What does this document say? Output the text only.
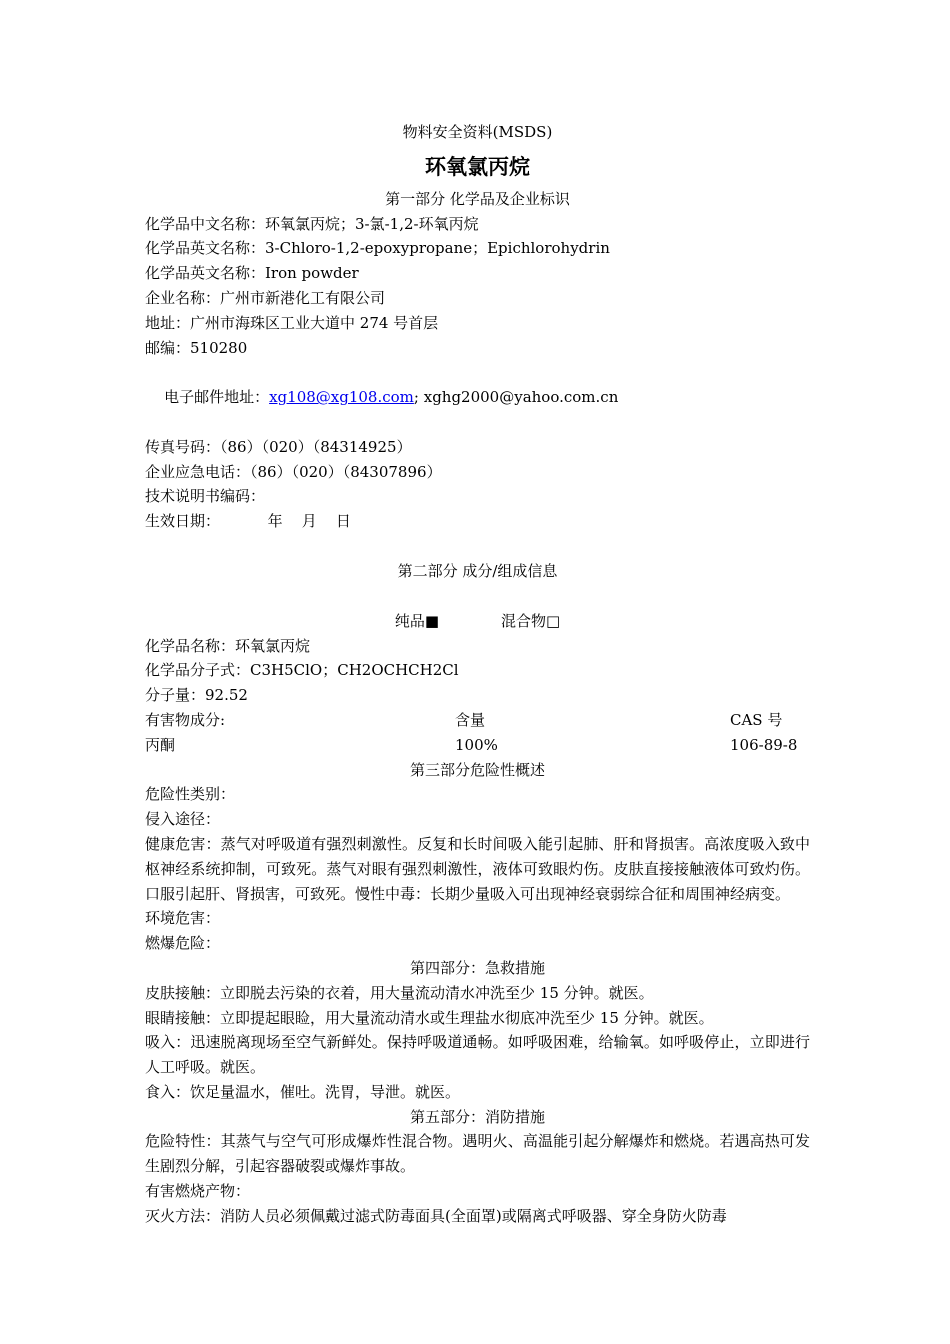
物料安全资料(MSDS)
环氧氯丙烷
第一部分 化学品及企业标识
化学品中文名称：环氧氯丙烷；3-氯-1,2-环氧丙烷
化学品英文名称：3-Chloro-1,2-epoxypropane；Epichlorohydrin
化学品英文名称：Iron powder
企业名称：广州市新港化工有限公司
地址：广州市海珠区工业大道中 274 号首层
邮编：510280

电子邮件地址：xg108@xg108.com; xghg2000@yahoo.com.cn

传真号码：（86）（020）（84314925）
企业应急电话：（86）（020）（84307896）
技术说明书编码：
生效日期：          年    月    日
第二部分 成分/组成信息
纯品■	混合物□
化学品名称：环氧氯丙烷
化学品分子式：C3H5ClO；CH2OCHCH2Cl
分子量：92.52
有害物成分:	含量	CAS 号
丙酮	100%	106-89-8
第三部分危险性概述
危险性类别：
侵入途径：
健康危害：蒸气对呼吸道有强烈刺激性。反复和长时间吸入能引起肺、肝和肾损害。高浓度吸入致中枢神经系统抑制，可致死。蒸气对眼有强烈刺激性，液体可致眼灼伤。皮肤直接接触液体可致灼伤。口服引起肝、肾损害，可致死。慢性中毒：长期少量吸入可出现神经衰弱综合征和周围神经病变。
环境危害：
燃爆危险：
第四部分：急救措施
皮肤接触：立即脱去污染的衣着，用大量流动清水冲洗至少 15 分钟。就医。
眼睛接触：立即提起眼睑，用大量流动清水或生理盐水彻底冲洗至少 15 分钟。就医。
吸入：迅速脱离现场至空气新鲜处。保持呼吸道通畅。如呼吸困难，给输氧。如呼吸停止，立即进行人工呼吸。就医。
食入：饮足量温水，催吐。洗胃，导泄。就医。
第五部分：消防措施
危险特性：其蒸气与空气可形成爆炸性混合物。遇明火、高温能引起分解爆炸和燃烧。若遇高热可发生剧烈分解，引起容器破裂或爆炸事故。
有害燃烧产物：
灭火方法：消防人员必须佩戴过滤式防毒面具(全面罩)或隔离式呼吸器、穿全身防火防毒
